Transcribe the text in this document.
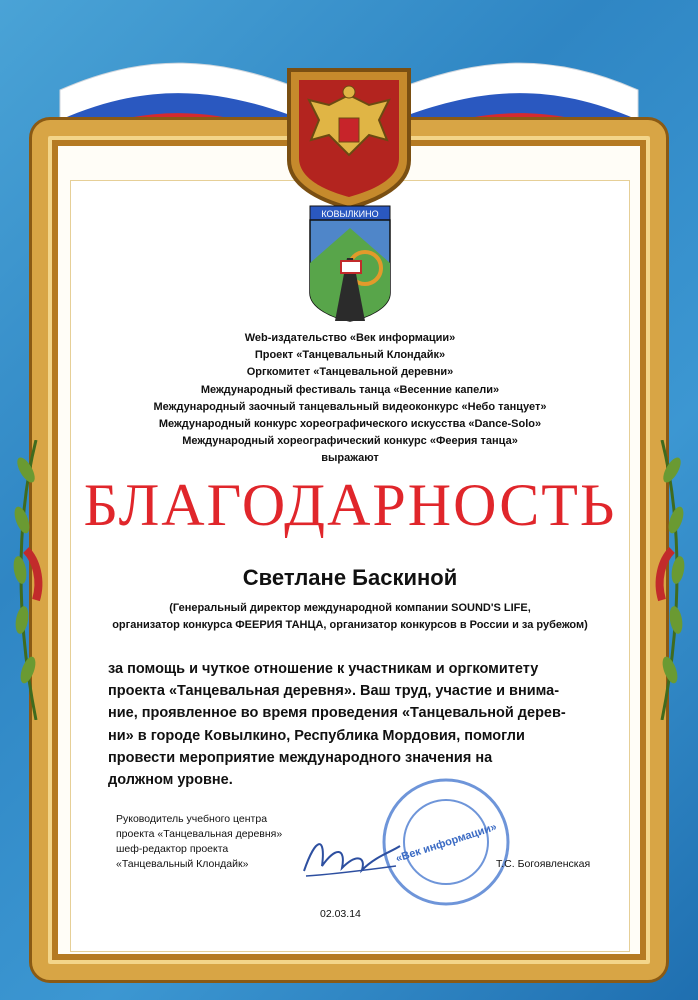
КОВЫЛКИНО
Web-издательство «Век информации»
Проект «Танцевальный Клондайк»
Оргкомитет «Танцевальной деревни»
Международный фестиваль танца «Весенние капели»
Международный заочный танцевальный видеоконкурс «Небо танцует»
Международный конкурс хореографического искусства «Dance-Solo»
Международный хореографический конкурс «Феерия танца»
выражают
БЛАГОДАРНОСТЬ
Светлане Баскиной
(Генеральный директор международной компании SOUND'S LIFE,
организатор конкурса ФЕЕРИЯ ТАНЦА, организатор конкурсов в России и за рубежом)
за помощь и чуткое отношение к участникам и оргкомитету
проекта «Танцевальная деревня». Ваш труд, участие и внима-
ние, проявленное во время проведения «Танцевальной дерев-
ни» в городе Ковылкино, Республика Мордовия, помогли
провести мероприятие международного значения на
должном уровне.
Руководитель учебного центра
проекта «Танцевальная деревня»
шеф-редактор проекта
«Танцевальный Клондайк»	«Век информации»
Т.С. Богоявленская
02.03.14
